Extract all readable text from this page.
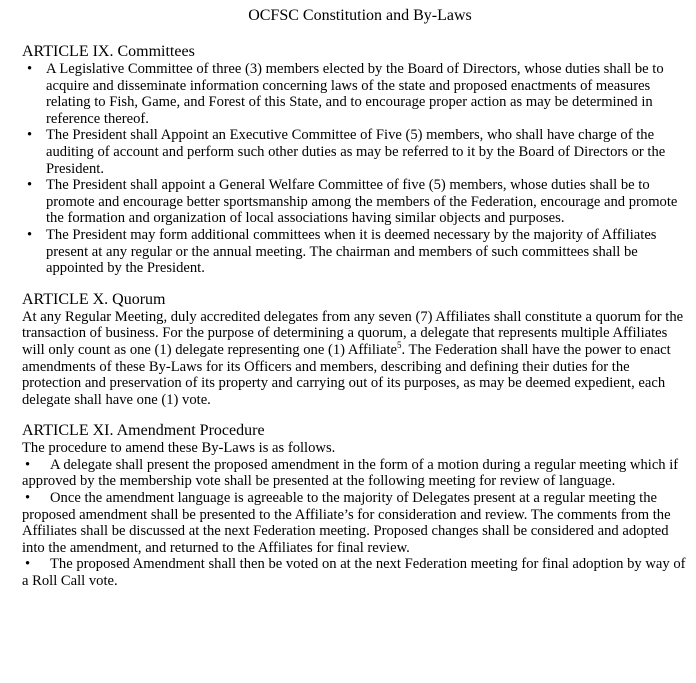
OCFSC Constitution and By-Laws
ARTICLE IX. Committees
• A Legislative Committee of three (3) members elected by the Board of Directors, whose duties shall be to acquire and disseminate information concerning laws of the state and proposed enactments of measures relating to Fish, Game, and Forest of this State, and to encourage proper action as may be determined in reference thereof.
• The President shall Appoint an Executive Committee of Five (5) members, who shall have charge of the auditing of account and perform such other duties as may be referred to it by the Board of Directors or the President.
• The President shall appoint a General Welfare Committee of five (5) members, whose duties shall be to promote and encourage better sportsmanship among the members of the Federation, encourage and promote the formation and organization of local associations having similar objects and purposes.
• The President may form additional committees when it is deemed necessary by the majority of Affiliates present at any regular or the annual meeting. The chairman and members of such committees shall be appointed by the President.
ARTICLE X. Quorum

At any Regular Meeting, duly accredited delegates from any seven (7) Affiliates shall constitute a quorum for the transaction of business. For the purpose of determining a quorum, a delegate that represents multiple Affiliates will only count as one (1) delegate representing one (1) Affiliate$^5$. The Federation shall have the power to enact amendments of these By-Laws for its Officers and members, describing and defining their duties for the protection and preservation of its property and carrying out of its purposes, as may be deemed expedient, each delegate shall have one (1) vote.

ARTICLE XI. Amendment Procedure

The procedure to amend these By-Laws is as follows.

• A delegate shall present the proposed amendment in the form of a motion during a regular meeting which if approved by the membership vote shall be presented at the following meeting for review of language.
• Once the amendment language is agreeable to the majority of Delegates present at a regular meeting the proposed amendment shall be presented to the Affiliate’s for consideration and review. The comments from the Affiliates shall be discussed at the next Federation meeting. Proposed changes shall be considered and adopted into the amendment, and returned to the Affiliates for final review.
• The proposed Amendment shall then be voted on at the next Federation meeting for final adoption by way of a Roll Call vote.
